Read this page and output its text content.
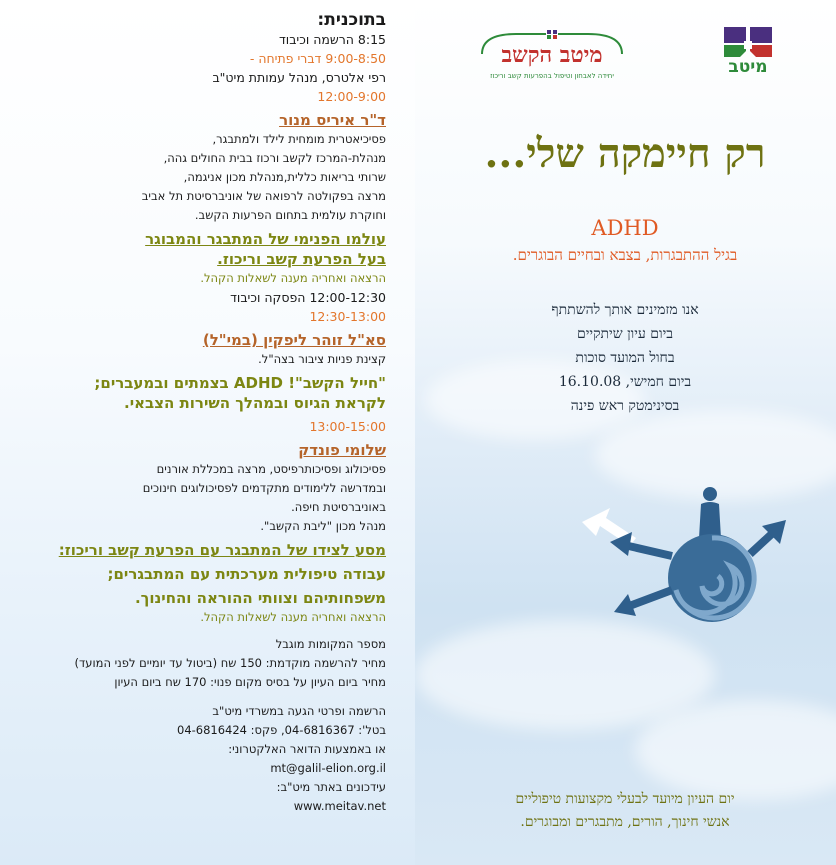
בתוכנית:
8:15 הרשמה וכיבוד
9:00-8:50 דברי פתיחה -
רפי אלטרס, מנהל עמותת מיט"ב
12:00-9:00
ד"ר איריס מנור
פסיכיאטרית מומחית לילד ולמתבגר,
מנהלת-המרכז לקשב ורכוז בבית החולים גהה,
שרותי בריאות כללית,מנהלת מכון אניגמה,
מרצה בפקולטה לרפואה של אוניברסיטת תל אביב
וחוקרת עולמית בתחום הפרעות הקשב.
עולמו הפנימי של המתבגר והמבוגר
בעל הפרעת קשב וריכוז.
הרצאה ואחריה מענה לשאלות הקהל.
12:00-12:30 הפסקה וכיבוד
12:30-13:00
סא"ל זוהר ליפקין (במי"ל)
קצינת פניות ציבור בצה"ל.
"חייל הקשב"! ADHD בצמתים ובמעברים;
לקראת הגיוס ובמהלך השירות הצבאי.
13:00-15:00
שלומי פונדק
פסיכולוג ופסיכותרפיסט, מרצה במכללת אורנים
ובמדרשה ללימודים מתקדמים לפסיכולוגים חינוכים
באוניברסיטת חיפה.
מנהל מכון "ליבת הקשב".
מסע לצידו של המתבגר עם הפרעת קשב וריכוז:
עבודה טיפולית מערכתית עם המתבגרים;
משפחותיהם וצוותי ההוראה והחינוך.
הרצאה ואחריה מענה לשאלות הקהל.
מספר המקומות מוגבל
מחיר להרשמה מוקדמת: 150 שח (ביטול עד יומיים לפני המועד)
מחיר ביום העיון על בסיס מקום פנוי: 170 שח ביום העיון
הרשמה ופרטי הגעה במשרדי מיט"ב
בטל': 04-6816367, פקס: 04-6816424
או באמצעות הדואר האלקטרוני:
mt@galil-elion.org.il
עידכונים באתר מיט"ב:
www.meitav.net
מיטב
מיטב הקשב
יחידה לאבחון וטיפול בהפרעות קשב וריכוז
רק חיימקה שלי...
ADHD
בגיל ההתבגרות, בצבא ובחיים הבוגרים.
אנו מזמינים אותך להשתתף
ביום עיון שיתקיים
בחול המועד סוכות
ביום חמישי, 16.10.08
בסינימטק ראש פינה
יום העיון מיועד לבעלי מקצועות טיפוליים
אנשי חינוך, הורים, מתבגרים ומבוגרים.
